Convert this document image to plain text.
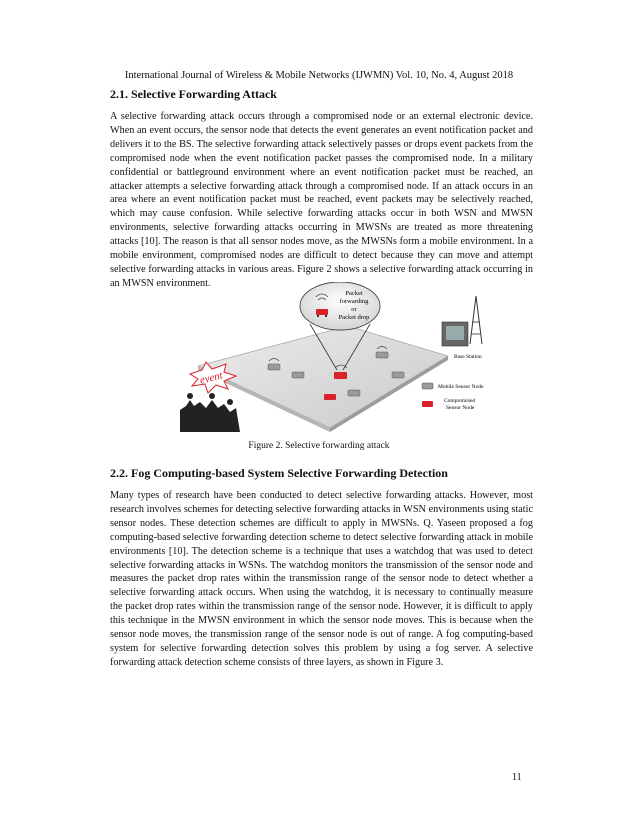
International Journal of Wireless & Mobile Networks (IJWMN) Vol. 10, No. 4, August 2018
2.1. Selective Forwarding Attack

A selective forwarding attack occurs through a compromised node or an external electronic device. When an event occurs, the sensor node that detects the event generates an event notification packet and delivers it to the BS. The selective forwarding attack selectively passes or drops event packets from the compromised node when the event notification packet passes the compromised node. In a military confidential or battleground environment where an event notification packet must be reached, an attacker attempts a selective forwarding attack through a compromised node. If an attack occurs in an area where an event notification packet must be reached, event packets may be selectively reached, which may cause confusion. While selective forwarding attacks occur in both WSN and MWSN environments, selective forwarding attacks occurring in MWSNs are treated as more threatening attacks [10]. The reason is that all sensor nodes move, as the MWSNs form a mobile environment. In a mobile environment, compromised nodes are difficult to detect because they can move and attempt selective forwarding attacks in various areas. Figure 2 shows a selective forwarding attack occurring in an MWSN environment.

Packet
forwarding
or
Packet drop
event
Base Station
Mobile Sensor Node
Compromised
Sensor Node
Figure 2. Selective forwarding attack
2.2. Fog Computing-based System Selective Forwarding Detection

Many types of research have been conducted to detect selective forwarding attacks. However, most research involves schemes for detecting selective forwarding attacks in WSN environments using static sensor nodes. These detection schemes are difficult to apply in MWSNs. Q. Yaseen proposed a fog computing-based selective forwarding detection scheme to detect selective forwarding attack in mobile environments [10]. The detection scheme is a technique that uses a watchdog that was used to detect selective forwarding attacks in WSNs. The watchdog monitors the transmission of the sensor node and measures the packet drop rates within the transmission range of the sensor node to detect whether a selective forwarding attack occurs. When using the watchdog, it is necessary to continually measure the packet drop rates within the transmission range of the sensor node. However, it is difficult to apply this technique in the MWSN environment in which the sensor node moves. This is because when the sensor node moves, the transmission range of the sensor node is out of range. A fog computing-based system for selective forwarding detection solves this problem by using a fog server. A selective forwarding attack detection scheme consists of three layers, as shown in Figure 3.

11
